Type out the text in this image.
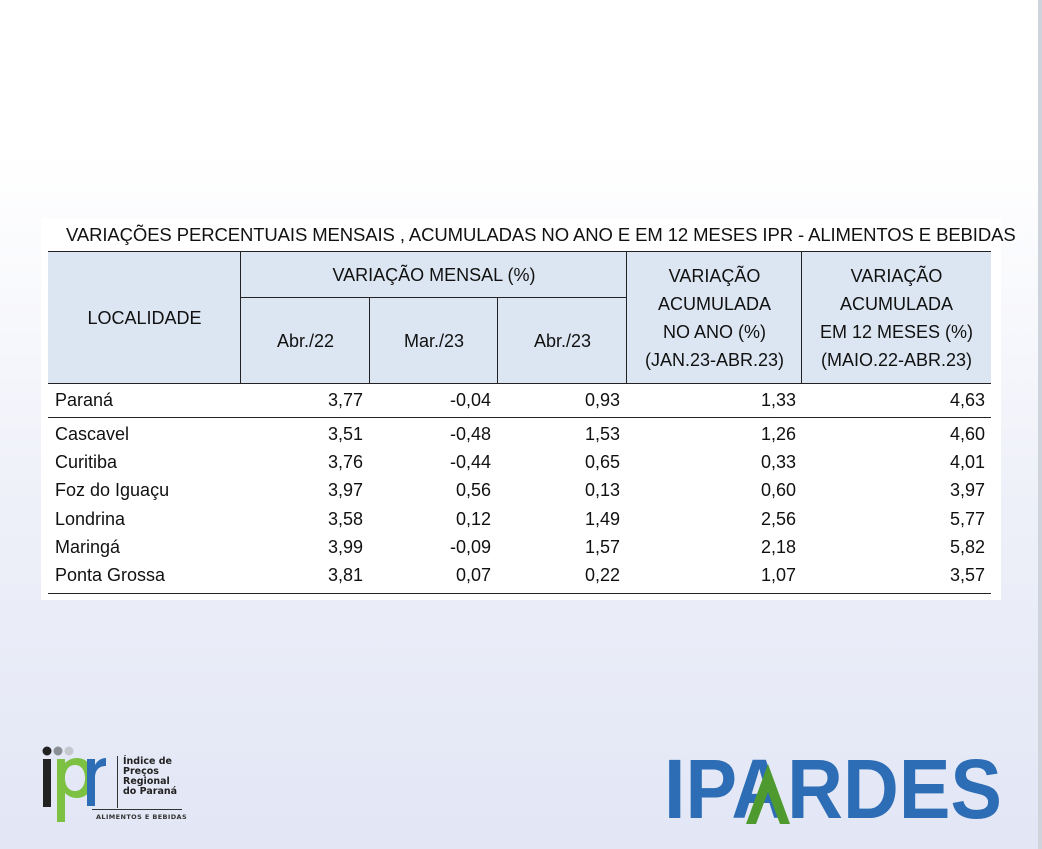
VARIAÇÕES PERCENTUAIS MENSAIS , ACUMULADAS NO ANO E EM 12 MESES IPR - ALIMENTOS E BEBIDAS
LOCALIDADE
VARIAÇÃO MENSAL (%)
Abr./22	Mar./23	Abr./23
VARIAÇÃO
ACUMULADA
NO ANO (%)
(JAN.23-ABR.23)
VARIAÇÃO
ACUMULADA
EM 12 MESES (%)
(MAIO.22-ABR.23)
Paraná	3,77	-0,04	0,93	1,33	4,63
Cascavel	3,51	-0,48	1,53	1,26	4,60
Curitiba	3,76	-0,44	0,65	0,33	4,01
Foz do Iguaçu	3,97	0,56	0,13	0,60	3,97
Londrina	3,58	0,12	1,49	2,56	5,77
Maringá	3,99	-0,09	1,57	2,18	5,82
Ponta Grossa	3,81	0,07	0,22	1,07	3,57
Índice de
Preços
Regional
do Paraná
ALIMENTOS E BEBIDAS	IPARDES
